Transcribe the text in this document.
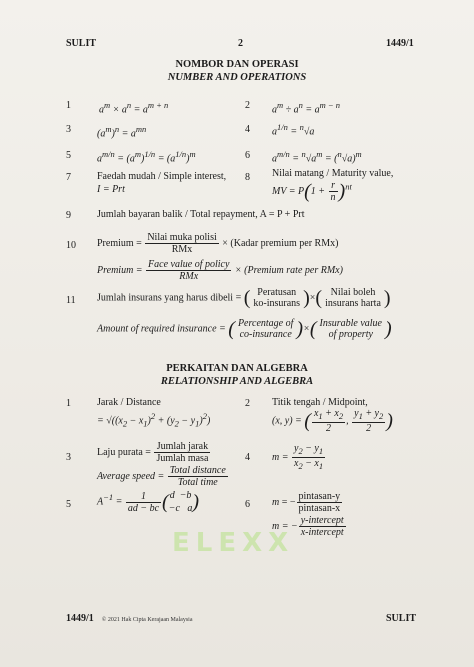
SULIT	2	1449/1
NOMBOR DAN OPERASI
NUMBER AND OPERATIONS
1	$a^m \times a^n = a^{m + n}$	2 $a^m \div a^n = a^{m - n}$
3	$(a^m)^n = a^{mn}$	4 $a^{1/n} = ^n√a$
5	$a^{m/n} = (a^m)^{1/n} = (a^{1/n})^m$	6 $a^{m/n} = ^n√a^m = (^n√a)^m$
7	Faedah mudah / Simple interest,
I = Prt
8 Nilai matang / Maturity value,
MV = $P(1 + \frac{r}{n} )^{nt}$
9	Jumlah bayaran balik / Total repayment, A = P + Prt
10 Premium = $\frac{\text{Nilai muka polisi}}{\text{RMx}}$ × (Kadar premium per RMx)
Premium = $\frac{\text{Face value of policy}}{\text{RMx}}$ × (Premium rate per RMx)
11 Jumlah insurans yang harus dibeli = ( Peratusan
ko-insurans )×( Nilai boleh
insurans harta )
Amount of required insurance = ( Percentage of
co-insurance )×( Insurable value
of property )
PERKAITAN DAN ALGEBRA
RELATIONSHIP AND ALGEBRA
1	Jarak / Distance
= $√((x_2 - x_1)^2 + (y_2 - y_1)^2)$
2 Titik tengah / Midpoint,
(x, y) = ( $\frac{x_1 + x_2}{2}$ , $\frac{y_1 + y_2}{2}$ )
3	Laju purata = $\frac{\text{Jumlah jarak}}{\text{Jumlah masa}}$
Average speed = $\frac{\text{Total distance}}{\text{Total time}}$
4 $m = \frac{y_2 - y_1}{x_2 - x_1}$
5	$A^{-1} = \frac{1}{ad - bc} (d -b$
−c   a)	6 m = − $\frac{\text{pintasan-y}}{\text{pintasan-x}}$
m = − $\frac{\text{y-intercept}}{\text{x-intercept}}$
ELEXX
1449/1 © 2021 Hak Cipta Kerajaan Malaysia	SULIT
